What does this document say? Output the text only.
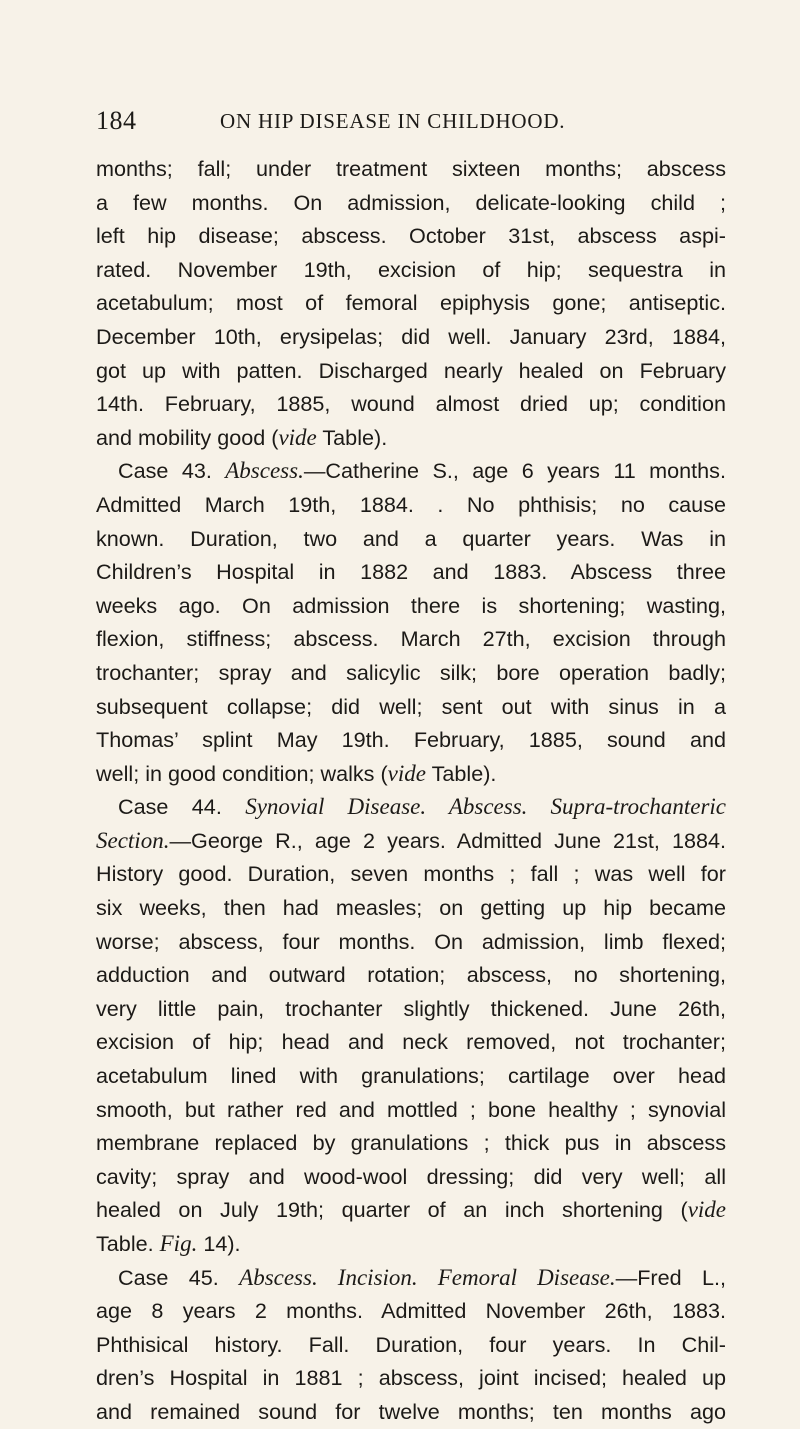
184	ON HIP DISEASE IN CHILDHOOD.
months; fall; under treatment sixteen months; abscess
a few months. On admission, delicate-looking child ;
left hip disease; abscess. October 31st, abscess aspi-
rated. November 19th, excision of hip; sequestra in
acetabulum; most of femoral epiphysis gone; antiseptic.
December 10th, erysipelas; did well. January 23rd, 1884,
got up with patten. Discharged nearly healed on February
14th. February, 1885, wound almost dried up; condition
and mobility good (vide Table).
Case 43. Abscess.—Catherine S., age 6 years 11 months.
Admitted March 19th, 1884. . No phthisis; no cause
known. Duration, two and a quarter years. Was in
Children’s Hospital in 1882 and 1883. Abscess three
weeks ago. On admission there is shortening; wasting,
flexion, stiffness; abscess. March 27th, excision through
trochanter; spray and salicylic silk; bore operation badly;
subsequent collapse; did well; sent out with sinus in a
Thomas’ splint May 19th. February, 1885, sound and
well; in good condition; walks (vide Table).
Case 44. Synovial Disease. Abscess. Supra-trochanteric
Section.—George R., age 2 years. Admitted June 21st, 1884.
History good. Duration, seven months ; fall ; was well for
six weeks, then had measles; on getting up hip became
worse; abscess, four months. On admission, limb flexed;
adduction and outward rotation; abscess, no shortening,
very little pain, trochanter slightly thickened. June 26th,
excision of hip; head and neck removed, not trochanter;
acetabulum lined with granulations; cartilage over head
smooth, but rather red and mottled ; bone healthy ; synovial
membrane replaced by granulations ; thick pus in abscess
cavity; spray and wood-wool dressing; did very well; all
healed on July 19th; quarter of an inch shortening (vide
Table. Fig. 14).
Case 45. Abscess. Incision. Femoral Disease.—Fred L.,
age 8 years 2 months. Admitted November 26th, 1883.
Phthisical history. Fall. Duration, four years. In Chil-
dren’s Hospital in 1881 ; abscess, joint incised; healed up
and remained sound for twelve months; ten months ago
